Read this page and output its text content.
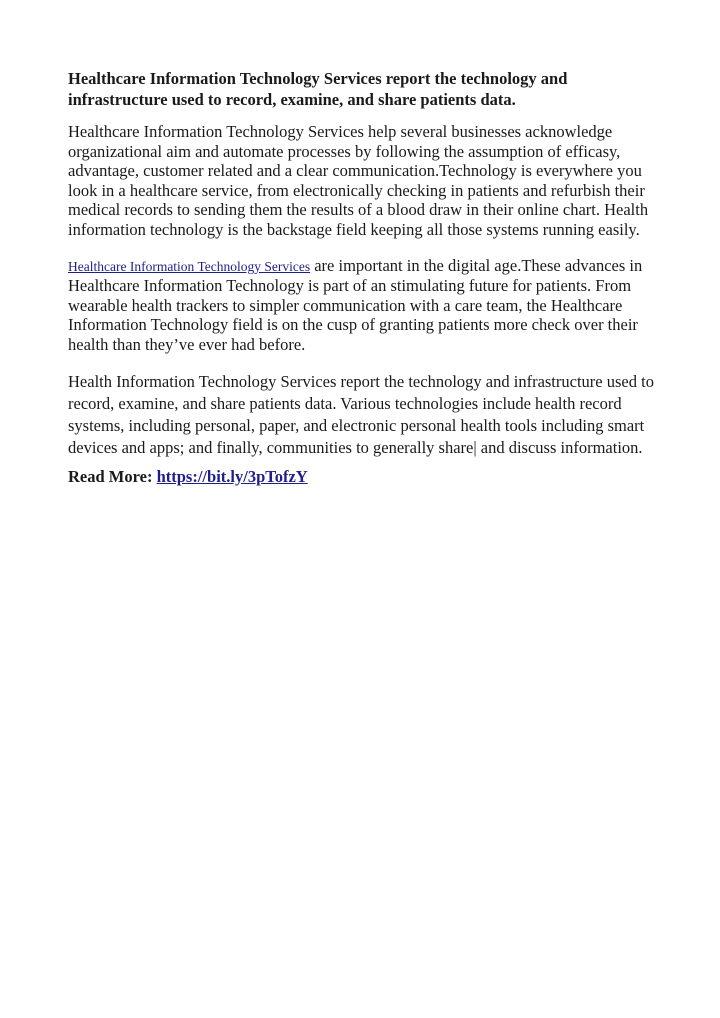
Healthcare Information Technology Services report the technology and infrastructure used to record, examine, and share patients data.

Healthcare Information Technology Services help several businesses acknowledge organizational aim and automate processes by following the assumption of efficasy, advantage, customer related and a clear communication.Technology is everywhere you look in a healthcare service, from electronically checking in patients and refurbish their medical records to sending them the results of a blood draw in their online chart. Health information technology is the backstage field keeping all those systems running easily.

Healthcare Information Technology Services are important in the digital age.These advances in Healthcare Information Technology is part of an stimulating future for patients. From wearable health trackers to simpler communication with a care team, the Healthcare Information Technology field is on the cusp of granting patients more check over their health than they’ve ever had before.

Health Information Technology Services report the technology and infrastructure used to record, examine, and share patients data. Various technologies include health record systems, including personal, paper, and electronic personal health tools including smart devices and apps; and finally, communities to generally share| and discuss information.

Read More: https://bit.ly/3pTofzY
